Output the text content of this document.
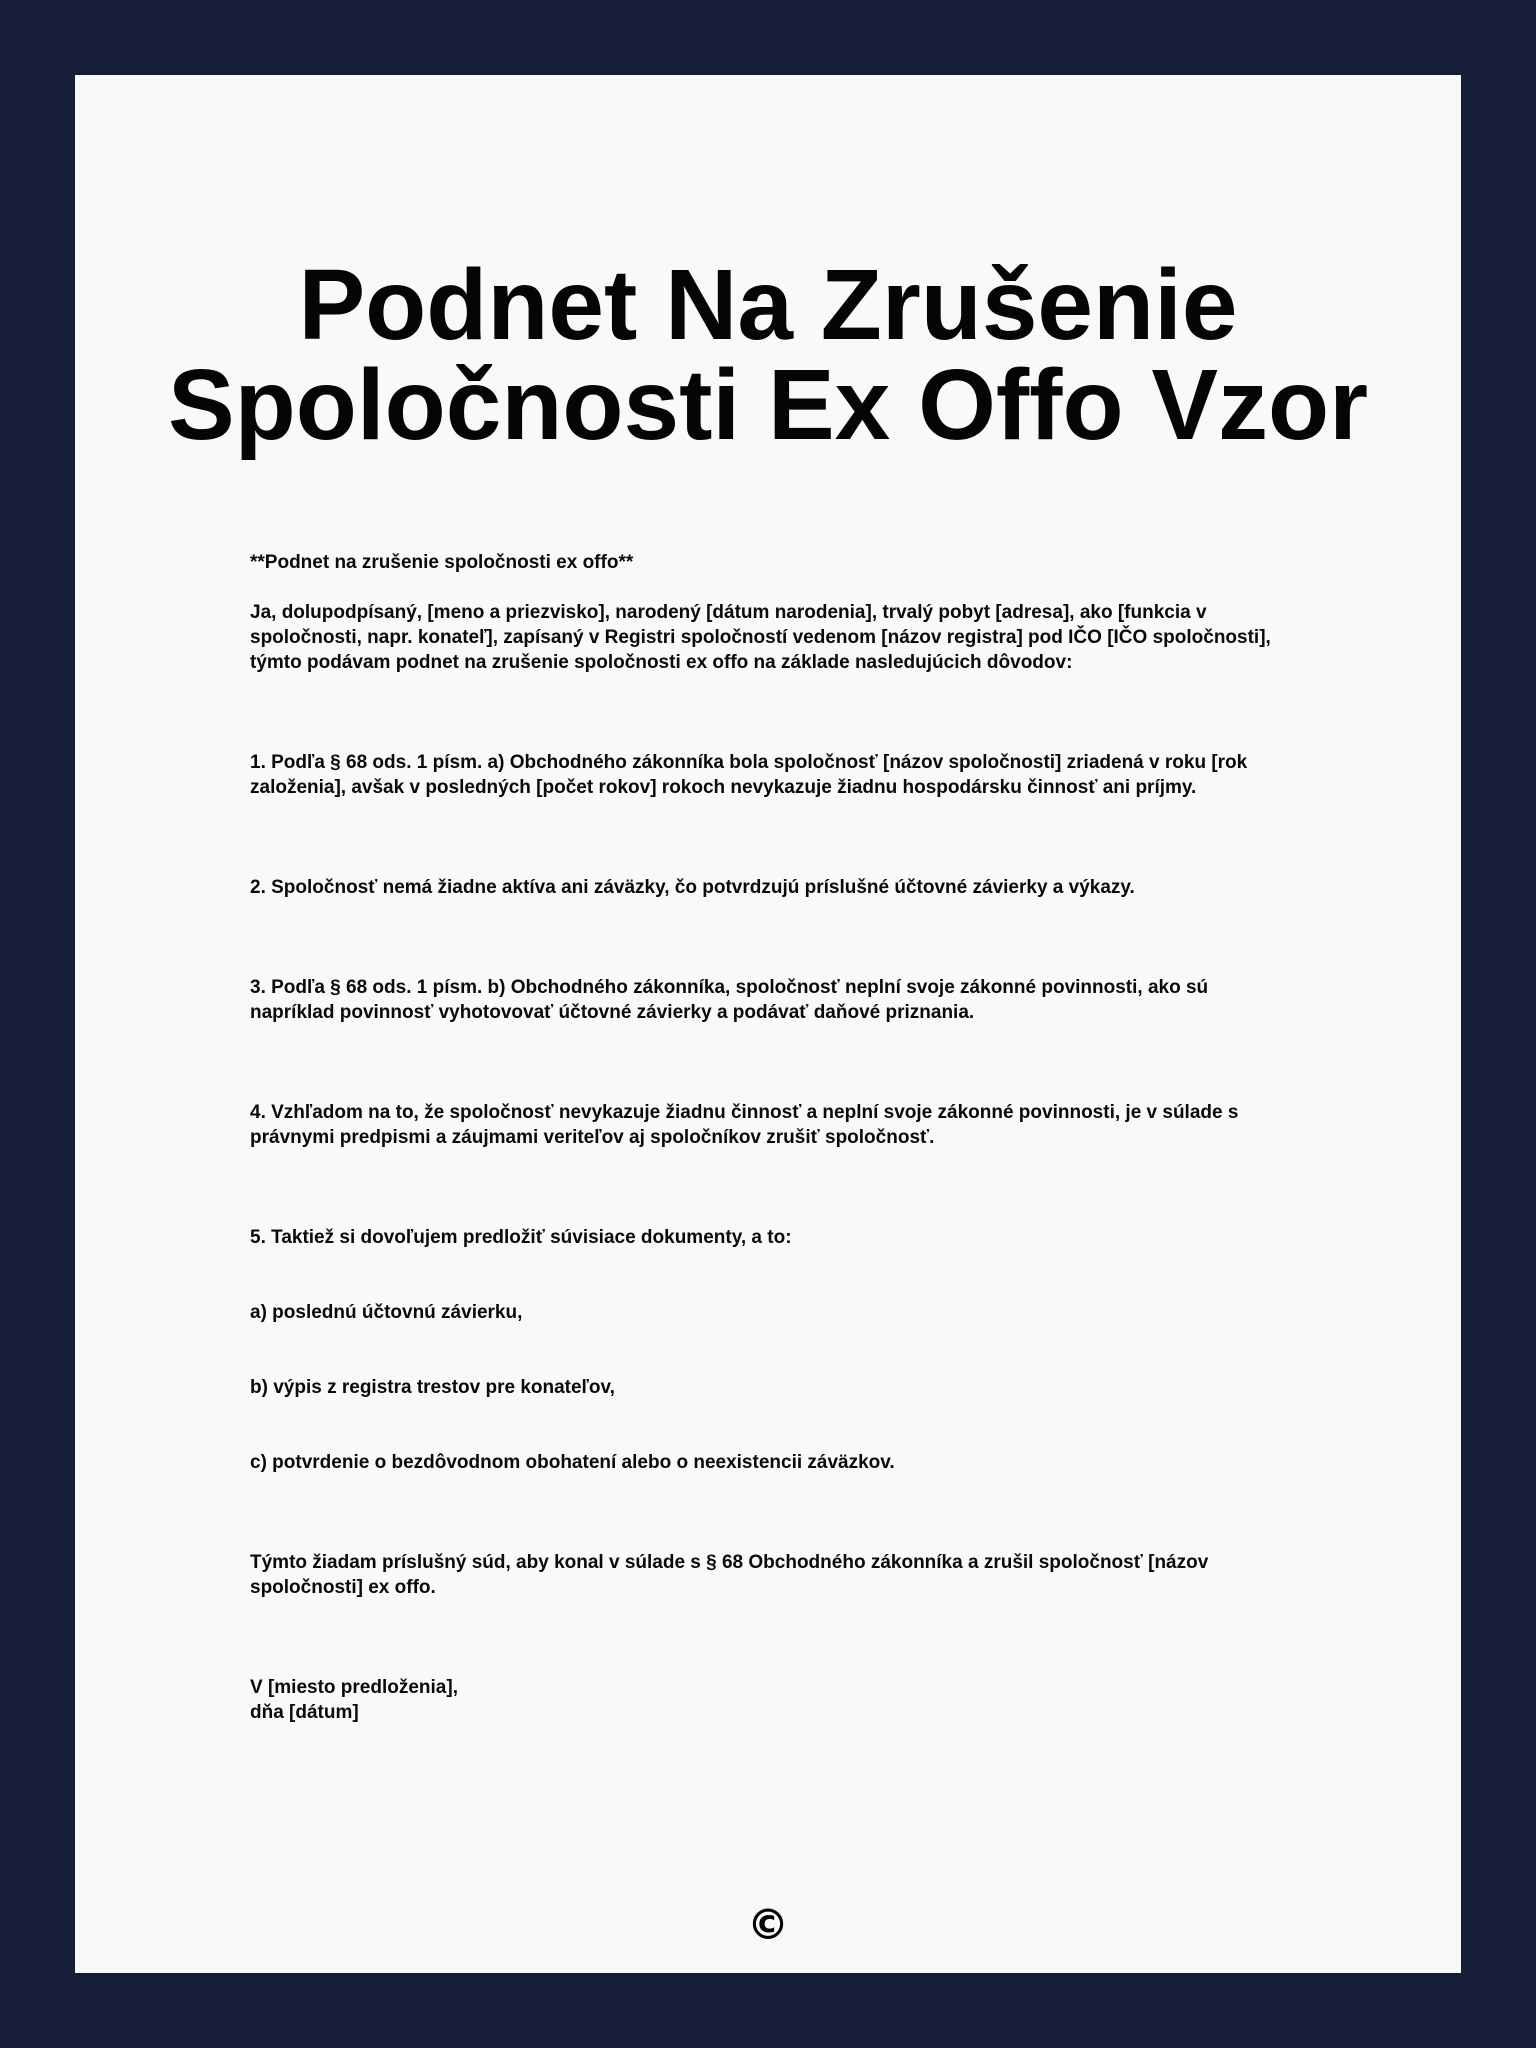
Podnet Na Zrušenie
Spoločnosti Ex Offo Vzor

**Podnet na zrušenie spoločnosti ex offo**

Ja, dolupodpísaný, [meno a priezvisko], narodený [dátum narodenia], trvalý pobyt [adresa], ako [funkcia v spoločnosti, napr. konateľ], zapísaný v Registri spoločností vedenom [názov registra] pod IČO [IČO spoločnosti], týmto podávam podnet na zrušenie spoločnosti ex offo na základe nasledujúcich dôvodov:

1. Podľa § 68 ods. 1 písm. a) Obchodného zákonníka bola spoločnosť [názov spoločnosti] zriadená v roku [rok založenia], avšak v posledných [počet rokov] rokoch nevykazuje žiadnu hospodársku činnosť ani príjmy.

2. Spoločnosť nemá žiadne aktíva ani záväzky, čo potvrdzujú príslušné účtovné závierky a výkazy.

3. Podľa § 68 ods. 1 písm. b) Obchodného zákonníka, spoločnosť neplní svoje zákonné povinnosti, ako sú napríklad povinnosť vyhotovovať účtovné závierky a podávať daňové priznania.

4. Vzhľadom na to, že spoločnosť nevykazuje žiadnu činnosť a neplní svoje zákonné povinnosti, je v súlade s právnymi predpismi a záujmami veriteľov aj spoločníkov zrušiť spoločnosť.

5. Taktiež si dovoľujem predložiť súvisiace dokumenty, a to:

a) poslednú účtovnú závierku,

b) výpis z registra trestov pre konateľov,

c) potvrdenie o bezdôvodnom obohatení alebo o neexistencii záväzkov.

Týmto žiadam príslušný súd, aby konal v súlade s § 68 Obchodného zákonníka a zrušil spoločnosť [názov spoločnosti] ex offo.

V [miesto predloženia],

dňa [dátum]

©
